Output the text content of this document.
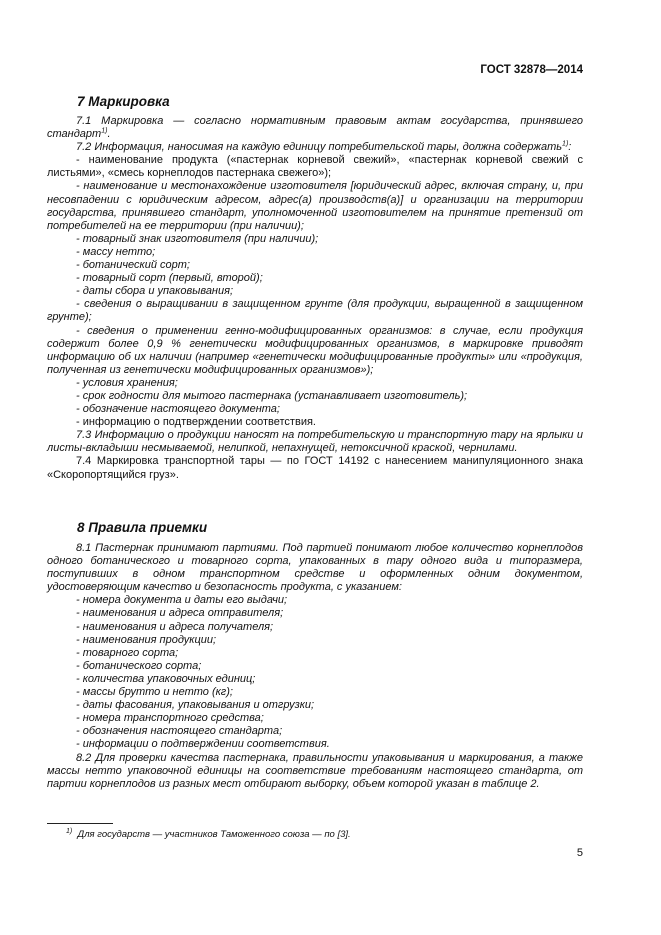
ГОСТ 32878—2014
7 Маркировка

7.1 Маркировка — согласно нормативным правовым актам государства, принявшего стандарт$^{1)}$.

7.2 Информация, наносимая на каждую единицу потребительской тары, должна содержать$^{1)}$:

- наименование продукта («пастернак корневой свежий», «пастернак корневой свежий с листьями», «смесь корнеплодов пастернака свежего»);

- наименование и местонахождение изготовителя [юридический адрес, включая страну, и, при несовпадении с юридическим адресом, адрес(а) производств(а)] и организации на территории государства, принявшего стандарт, уполномоченной изготовителем на принятие претензий от потребителей на ее территории (при наличии);

- товарный знак изготовителя (при наличии);

- массу нетто;

- ботанический сорт;

- товарный сорт (первый, второй);

- даты сбора и упаковывания;

- сведения о выращивании в защищенном грунте (для продукции, выращенной в защищенном грунте);

- сведения о применении генно-модифицированных организмов: в случае, если продукция содержит более 0,9 % генетически модифицированных организмов, в маркировке приводят информацию об их наличии (например «генетически модифицированные продукты» или «продукция, полученная из генетически модифицированных организмов»);

- условия хранения;

- срок годности для мытого пастернака (устанавливает изготовитель);

- обозначение настоящего документа;

- информацию о подтверждении соответствия.

7.3 Информацию о продукции наносят на потребительскую и транспортную тару на ярлыки и листы-вкладыши несмываемой, нелипкой, непахнущей, нетоксичной краской, чернилами.

7.4 Маркировка транспортной тары — по ГОСТ 14192 с нанесением манипуляционного знака «Скоропортящийся груз».

8 Правила приемки

8.1 Пастернак принимают партиями. Под партией понимают любое количество корнеплодов одного ботанического и товарного сорта, упакованных в тару одного вида и типоразмера, поступивших в одном транспортном средстве и оформленных одним документом, удостоверяющим качество и безопасность продукта, с указанием:

- номера документа и даты его выдачи;

- наименования и адреса отправителя;

- наименования и адреса получателя;

- наименования продукции;

- товарного сорта;

- ботанического сорта;

- количества упаковочных единиц;

- массы брутто и нетто (кг);

- даты фасования, упаковывания и отгрузки;

- номера транспортного средства;

- обозначения настоящего стандарта;

- информации о подтверждении соответствия.

8.2 Для проверки качества пастернака, правильности упаковывания и маркирования, а также массы нетто упаковочной единицы на соответствие требованиям настоящего стандарта, от партии корнеплодов из разных мест отбирают выборку, объем которой указан в таблице 2.

$^{1)}$ Для государств — участников Таможенного союза — по [3].
5
